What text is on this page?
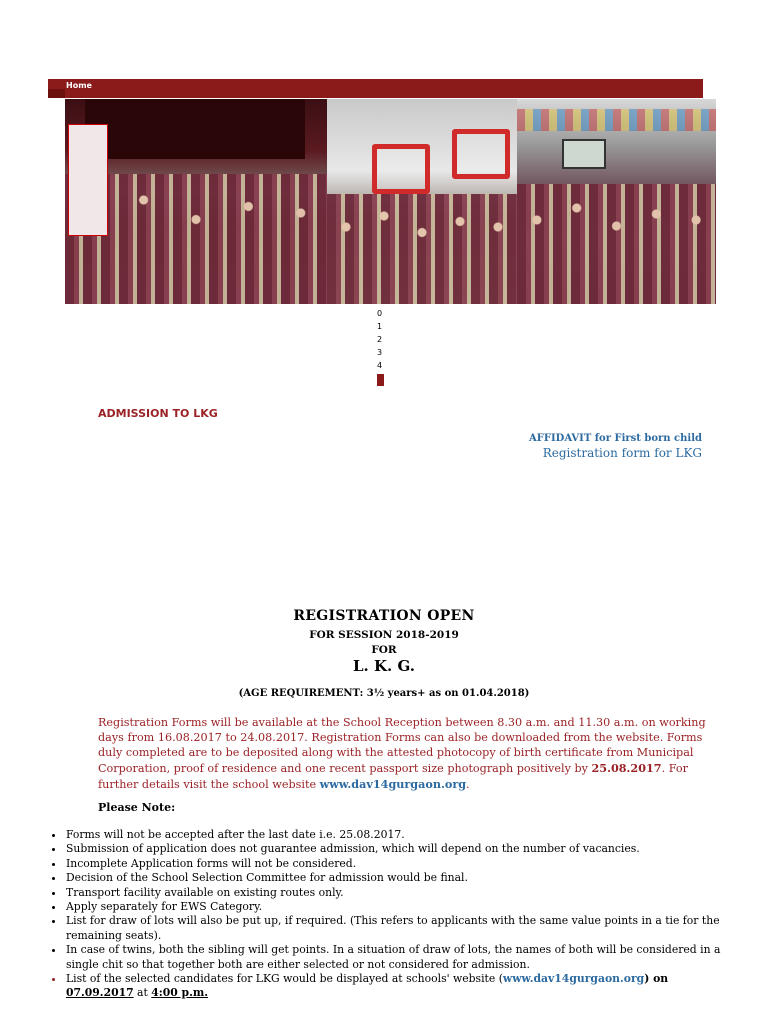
Home
0
1
2
3
4
ADMISSION TO LKG
AFFIDAVIT for First born child
Registration form for LKG
REGISTRATION OPEN
FOR SESSION 2018-2019
FOR
L. K. G.
(AGE REQUIREMENT: 3½ years+ as on 01.04.2018)
Registration Forms will be available at the School Reception between 8.30 a.m. and 11.30 a.m. on working days from 16.08.2017 to 24.08.2017. Registration Forms can also be downloaded from the website. Forms duly completed are to be deposited along with the attested photocopy of birth certificate from Municipal Corporation, proof of residence and one recent passport size photograph positively by 25.08.2017. For further details visit the school website www.dav14gurgaon.org.
Please Note:
• Forms will not be accepted after the last date i.e. 25.08.2017.
• Submission of application does not guarantee admission, which will depend on the number of vacancies.
• Incomplete Application forms will not be considered.
• Decision of the School Selection Committee for admission would be final.
• Transport facility available on existing routes only.
• Apply separately for EWS Category.
• List for draw of lots will also be put up, if required. (This refers to applicants with the same value points in a tie for the remaining seats).
• In case of twins, both the sibling will get points. In a situation of draw of lots, the names of both will be considered in a single chit so that together both are either selected or not considered for admission.
• List of the selected candidates for LKG would be displayed at schools' website (www.dav14gurgaon.org) on 07.09.2017 at 4:00 p.m.
